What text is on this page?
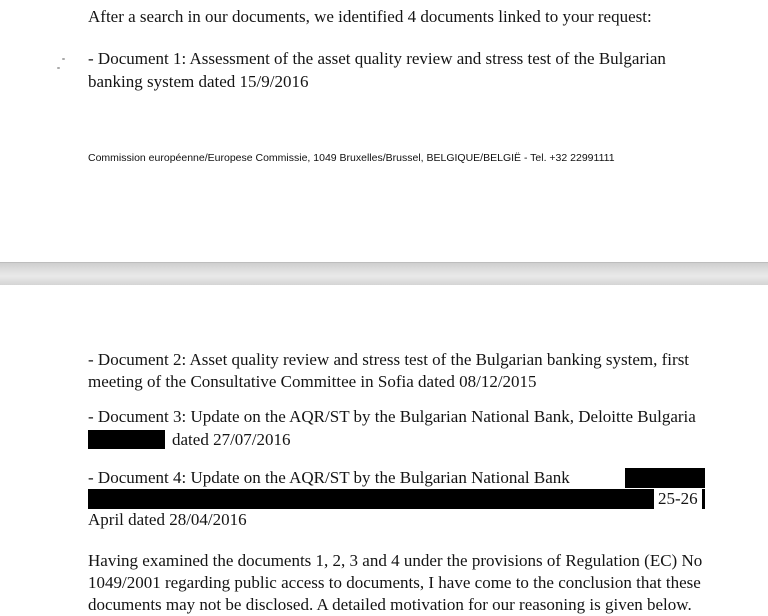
After a search in our documents, we identified 4 documents linked to your request:

- Document 1: Assessment of the asset quality review and stress test of the Bulgarian

banking system dated 15/9/2016

Commission européenne/Europese Commissie, 1049 Bruxelles/Brussel, BELGIQUE/BELGIË - Tel. +32 22991111

- Document 2: Asset quality review and stress test of the Bulgarian banking system, first

meeting of the Consultative Committee in Sofia dated 08/12/2015

- Document 3: Update on the AQR/ST by the Bulgarian National Bank, Deloitte Bulgaria

dated 27/07/2016

- Document 4: Update on the AQR/ST by the Bulgarian National Bank

25-26

April dated 28/04/2016

Having examined the documents 1, 2, 3 and 4 under the provisions of Regulation (EC) No

1049/2001 regarding public access to documents, I have come to the conclusion that these

documents may not be disclosed. A detailed motivation for our reasoning is given below.
